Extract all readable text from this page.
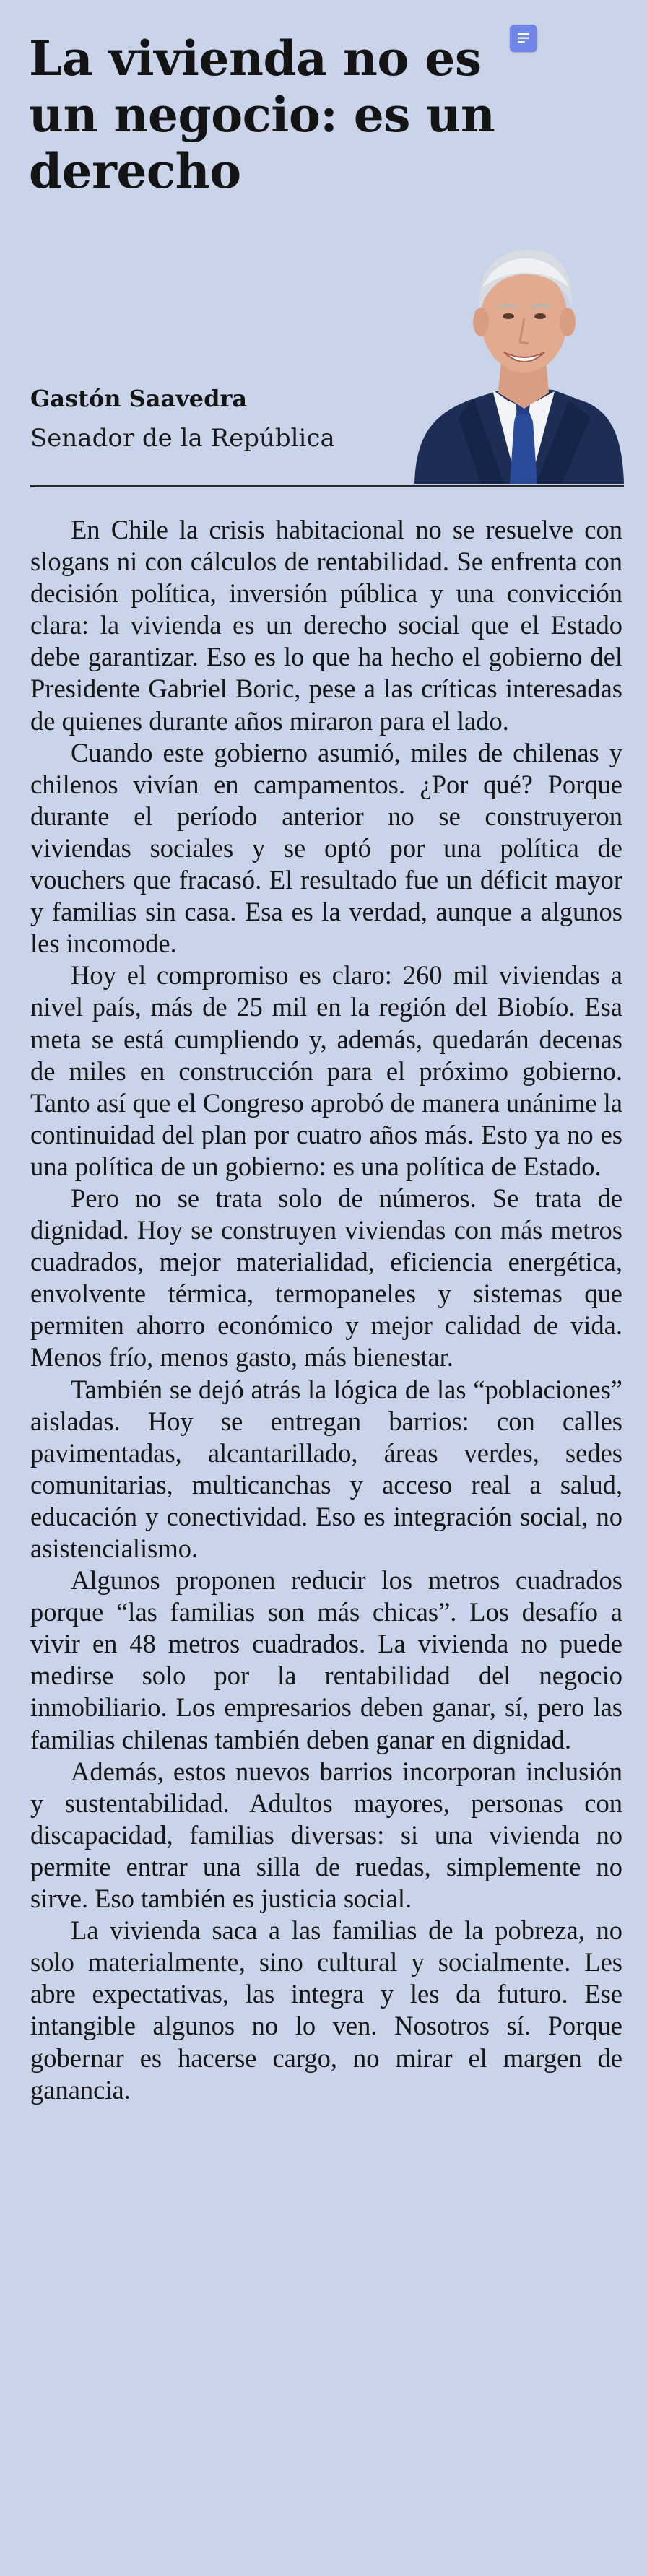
La vivienda no es un negocio: es un derecho
Gastón Saavedra
Senador de la República

En Chile la crisis habitacional no se resuelve con slogans ni con cálculos de rentabilidad. Se enfrenta con decisión política, inversión pública y una convicción clara: la vivienda es un derecho social que el Estado debe garantizar. Eso es lo que ha hecho el gobierno del Presidente Gabriel Boric, pese a las críticas interesadas de quienes durante años miraron para el lado.

Cuando este gobierno asumió, miles de chilenas y chilenos vivían en campamentos. ¿Por qué? Porque durante el período anterior no se construyeron viviendas sociales y se optó por una política de vouchers que fracasó. El resultado fue un déficit mayor y familias sin casa. Esa es la verdad, aunque a algunos les incomode.

Hoy el compromiso es claro: 260 mil viviendas a nivel país, más de 25 mil en la región del Biobío. Esa meta se está cumpliendo y, además, quedarán decenas de miles en construcción para el próximo gobierno. Tanto así que el Congreso aprobó de manera unánime la continuidad del plan por cuatro años más. Esto ya no es una política de un gobierno: es una política de Estado.

Pero no se trata solo de números. Se trata de dignidad. Hoy se construyen viviendas con más metros cuadrados, mejor materialidad, eficiencia energética, envolvente térmica, termopaneles y sistemas que permiten ahorro económico y mejor calidad de vida. Menos frío, menos gasto, más bienestar.

También se dejó atrás la lógica de las “poblaciones” aisladas. Hoy se entregan barrios: con calles pavimentadas, alcantarillado, áreas verdes, sedes comunitarias, multicanchas y acceso real a salud, educación y conectividad. Eso es integración social, no asistencialismo.

Algunos proponen reducir los metros cuadrados porque “las familias son más chicas”. Los desafío a vivir en 48 metros cuadrados. La vivienda no puede medirse solo por la rentabilidad del negocio inmobiliario. Los empresarios deben ganar, sí, pero las familias chilenas también deben ganar en dignidad.

Además, estos nuevos barrios incorporan inclusión y sustentabilidad. Adultos mayores, personas con discapacidad, familias diversas: si una vivienda no permite entrar una silla de ruedas, simplemente no sirve. Eso también es justicia social.

La vivienda saca a las familias de la pobreza, no solo materialmente, sino cultural y socialmente. Les abre expectativas, las integra y les da futuro. Ese intangible algunos no lo ven. Nosotros sí. Porque gobernar es hacerse cargo, no mirar el margen de ganancia.
